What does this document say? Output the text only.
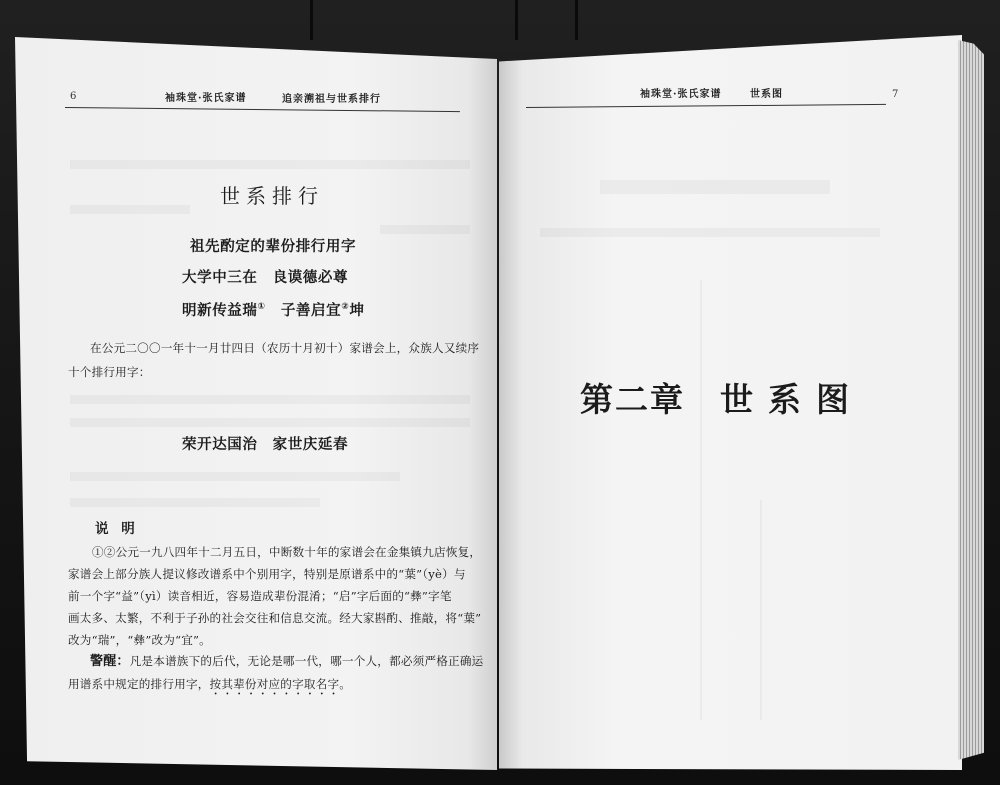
6	袖珠堂·张氏家谱	追亲溯祖与世系排行
世系排行
祖先酌定的辈份排行用字
大学中三在　良谟德必尊
明新传益瑞①　子善启宜②坤
在公元二〇〇一年十一月廿四日（农历十月初十）家谱会上，众族人又续序
十个排行用字：
荣开达国治　家世庆延春
说 明
①②公元一九八四年十二月五日，中断数十年的家谱会在金集镇九店恢复，
家谱会上部分族人提议修改谱系中个别用字，特别是原谱系中的“葉”（yè）与
前一个字“益”（yì）读音相近，容易造成辈份混淆；“启”字后面的“彝”字笔
画太多、太繁，不利于子孙的社会交往和信息交流。经大家斟酌、推敲，将“葉”
改为“瑞”，“彝”改为“宜”。
警醒：凡是本谱族下的后代，无论是哪一代，哪一个人，都必须严格正确运
用谱系中规定的排行用字，按其辈份对应的字取名字。
袖珠堂·张氏家谱	世系图	7
第二章 世系图
